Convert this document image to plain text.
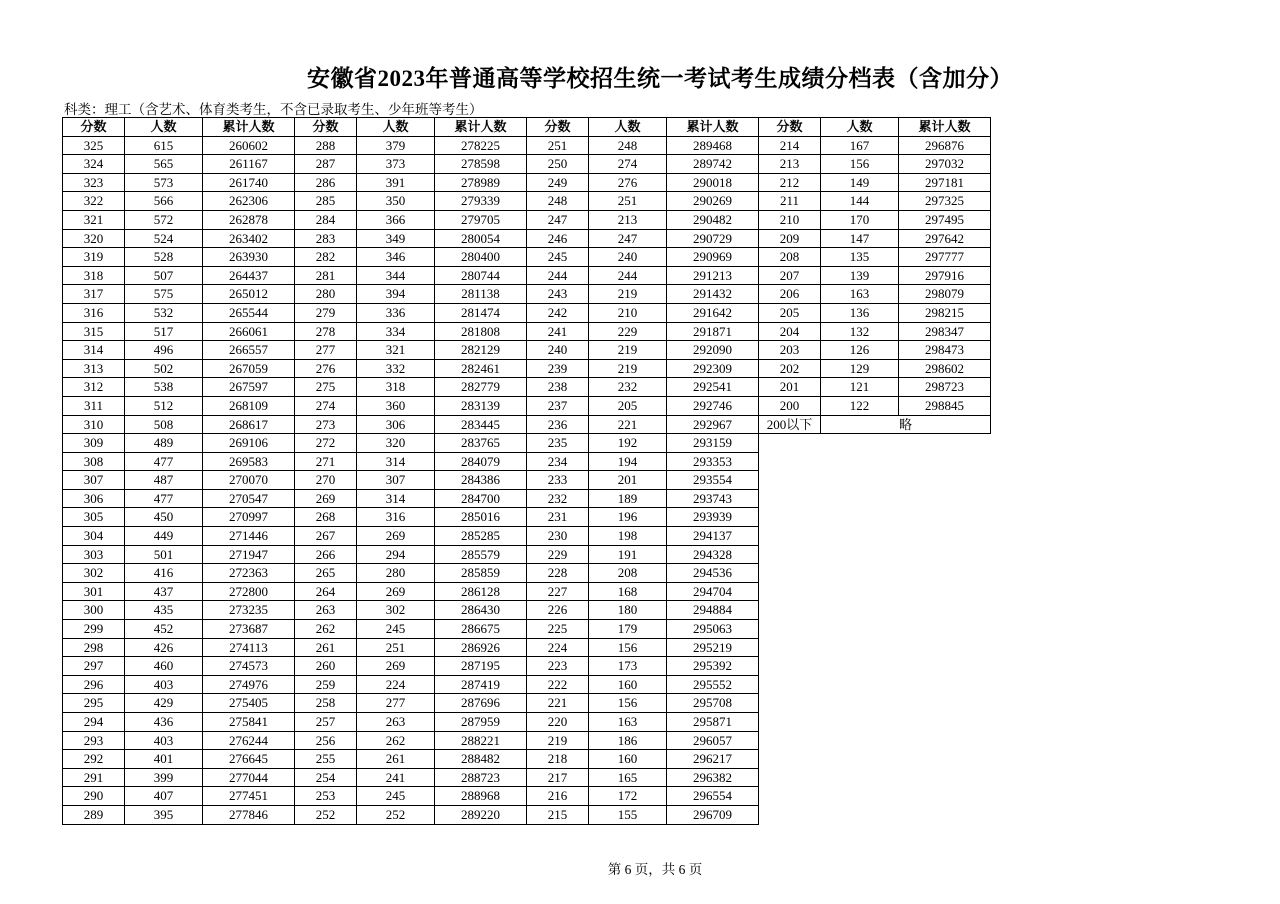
安徽省2023年普通高等学校招生统一考试考生成绩分档表（含加分）
科类：理工（含艺术、体育类考生，不含已录取考生、少年班等考生）
分数	人数	累计人数	分数	人数	累计人数	分数	人数	累计人数	分数	人数	累计人数
325	615	260602	288	379	278225	251	248	289468	214	167	296876
324	565	261167	287	373	278598	250	274	289742	213	156	297032
323	573	261740	286	391	278989	249	276	290018	212	149	297181
322	566	262306	285	350	279339	248	251	290269	211	144	297325
321	572	262878	284	366	279705	247	213	290482	210	170	297495
320	524	263402	283	349	280054	246	247	290729	209	147	297642
319	528	263930	282	346	280400	245	240	290969	208	135	297777
318	507	264437	281	344	280744	244	244	291213	207	139	297916
317	575	265012	280	394	281138	243	219	291432	206	163	298079
316	532	265544	279	336	281474	242	210	291642	205	136	298215
315	517	266061	278	334	281808	241	229	291871	204	132	298347
314	496	266557	277	321	282129	240	219	292090	203	126	298473
313	502	267059	276	332	282461	239	219	292309	202	129	298602
312	538	267597	275	318	282779	238	232	292541	201	121	298723
311	512	268109	274	360	283139	237	205	292746	200	122	298845
310	508	268617	273	306	283445	236	221	292967	200以下	略	
309	489	269106	272	320	283765	235	192	293159			
308	477	269583	271	314	284079	234	194	293353			
307	487	270070	270	307	284386	233	201	293554			
306	477	270547	269	314	284700	232	189	293743			
305	450	270997	268	316	285016	231	196	293939			
304	449	271446	267	269	285285	230	198	294137			
303	501	271947	266	294	285579	229	191	294328			
302	416	272363	265	280	285859	228	208	294536			
301	437	272800	264	269	286128	227	168	294704			
300	435	273235	263	302	286430	226	180	294884			
299	452	273687	262	245	286675	225	179	295063			
298	426	274113	261	251	286926	224	156	295219			
297	460	274573	260	269	287195	223	173	295392			
296	403	274976	259	224	287419	222	160	295552			
295	429	275405	258	277	287696	221	156	295708			
294	436	275841	257	263	287959	220	163	295871			
293	403	276244	256	262	288221	219	186	296057			
292	401	276645	255	261	288482	218	160	296217			
291	399	277044	254	241	288723	217	165	296382			
290	407	277451	253	245	288968	216	172	296554			
289	395	277846	252	252	289220	215	155	296709			
第 6 页，共 6 页
